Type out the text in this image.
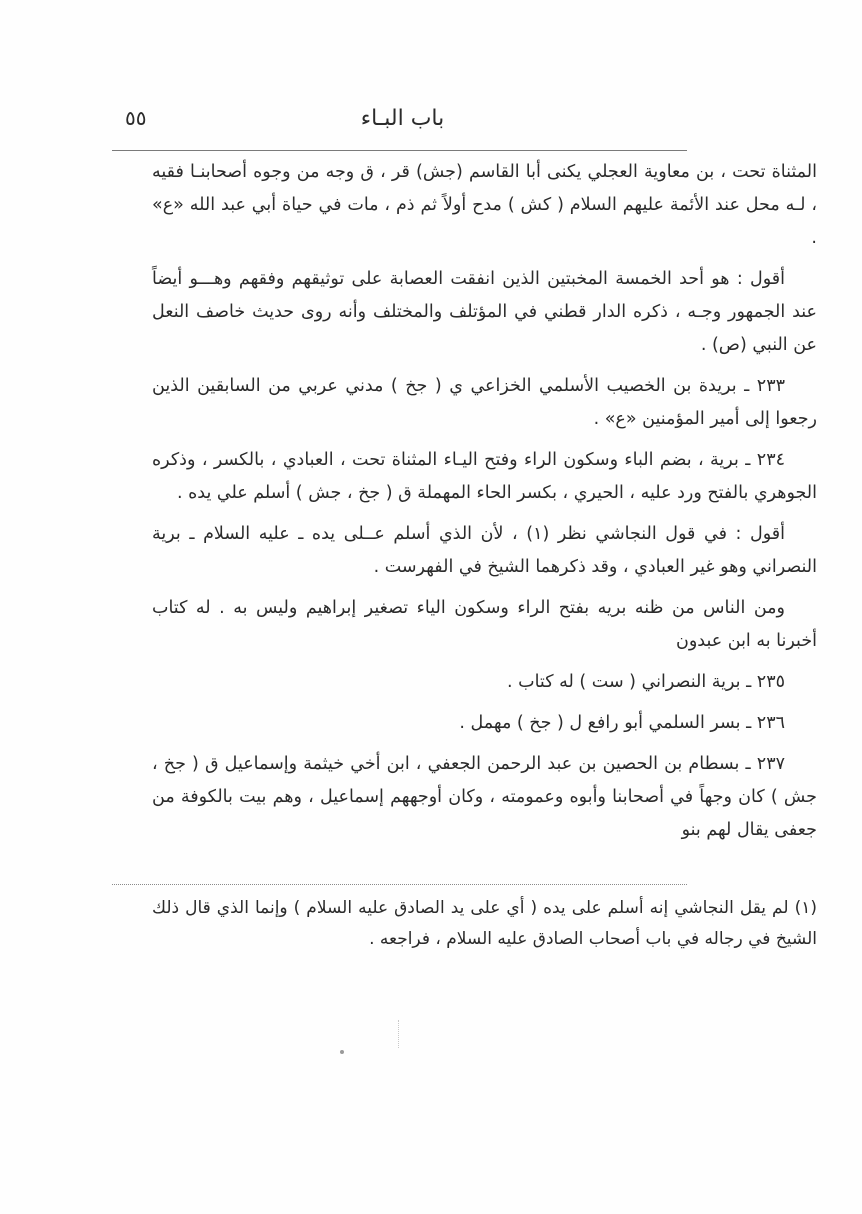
٥٥	باب البـاء

المثناة تحت ، بن معاوية العجلي يكنى أبا القاسم (جش) قر ، ق وجه من وجوه أصحابنـا فقيه ، لـه محل عند الأئمة عليهم السلام ( كش ) مدح أولاً ثم ذم ، مات في حياة أبي عبد الله «ع» .

أقول : هو أحد الخمسة المخبتين الذين انفقت العصابة على توثيقهم وفقهم وهـــو أيضاً عند الجمهور وجـه ، ذكره الدار قطني في المؤتلف والمختلف وأنه روى حديث خاصف النعل عن النبي (ص) .

٢٣٣ ـ بريدة بن الخصيب الأسلمي الخزاعي ي ( جخ ) مدني عربي من السابقين الذين رجعوا إلى أمير المؤمنين «ع» .

٢٣٤ ـ برية ، بضم الباء وسكون الراء وفتح اليـاء المثناة تحت ، العبادي ، بالكسر ، وذكره الجوهري بالفتح ورد عليه ، الحيري ، بكسر الحاء المهملة ق ( جخ ، جش ) أسلم علي يده .

أقول : في قول النجاشي نظر (١) ، لأن الذي أسلم عــلى يده ـ عليه السلام ـ برية النصراني وهو غير العبادي ، وقد ذكرهما الشيخ في الفهرست .

ومن الناس من ظنه بريه بفتح الراء وسكون الياء تصغير إبراهيم وليس به . له كتاب أخبرنا به ابن عبدون

٢٣٥ ـ برية النصراني ( ست ) له كتاب .

٢٣٦ ـ بسر السلمي أبو رافع ل ( جخ ) مهمل .

٢٣٧ ـ بسطام بن الحصين بن عبد الرحمن الجعفي ، ابن أخي خيثمة وإسماعيل ق ( جخ ، جش ) كان وجهاً في أصحابنا وأبوه وعمومته ، وكان أوجههم إسماعيل ، وهم بيت بالكوفة من جعفى يقال لهم بنو

(١) لم يقل النجاشي إنه أسلم على يده ( أي على يد الصادق عليه السلام ) وإنما الذي قال ذلك الشيخ في رجاله في باب أصحاب الصادق عليه السلام ، فراجعه .
